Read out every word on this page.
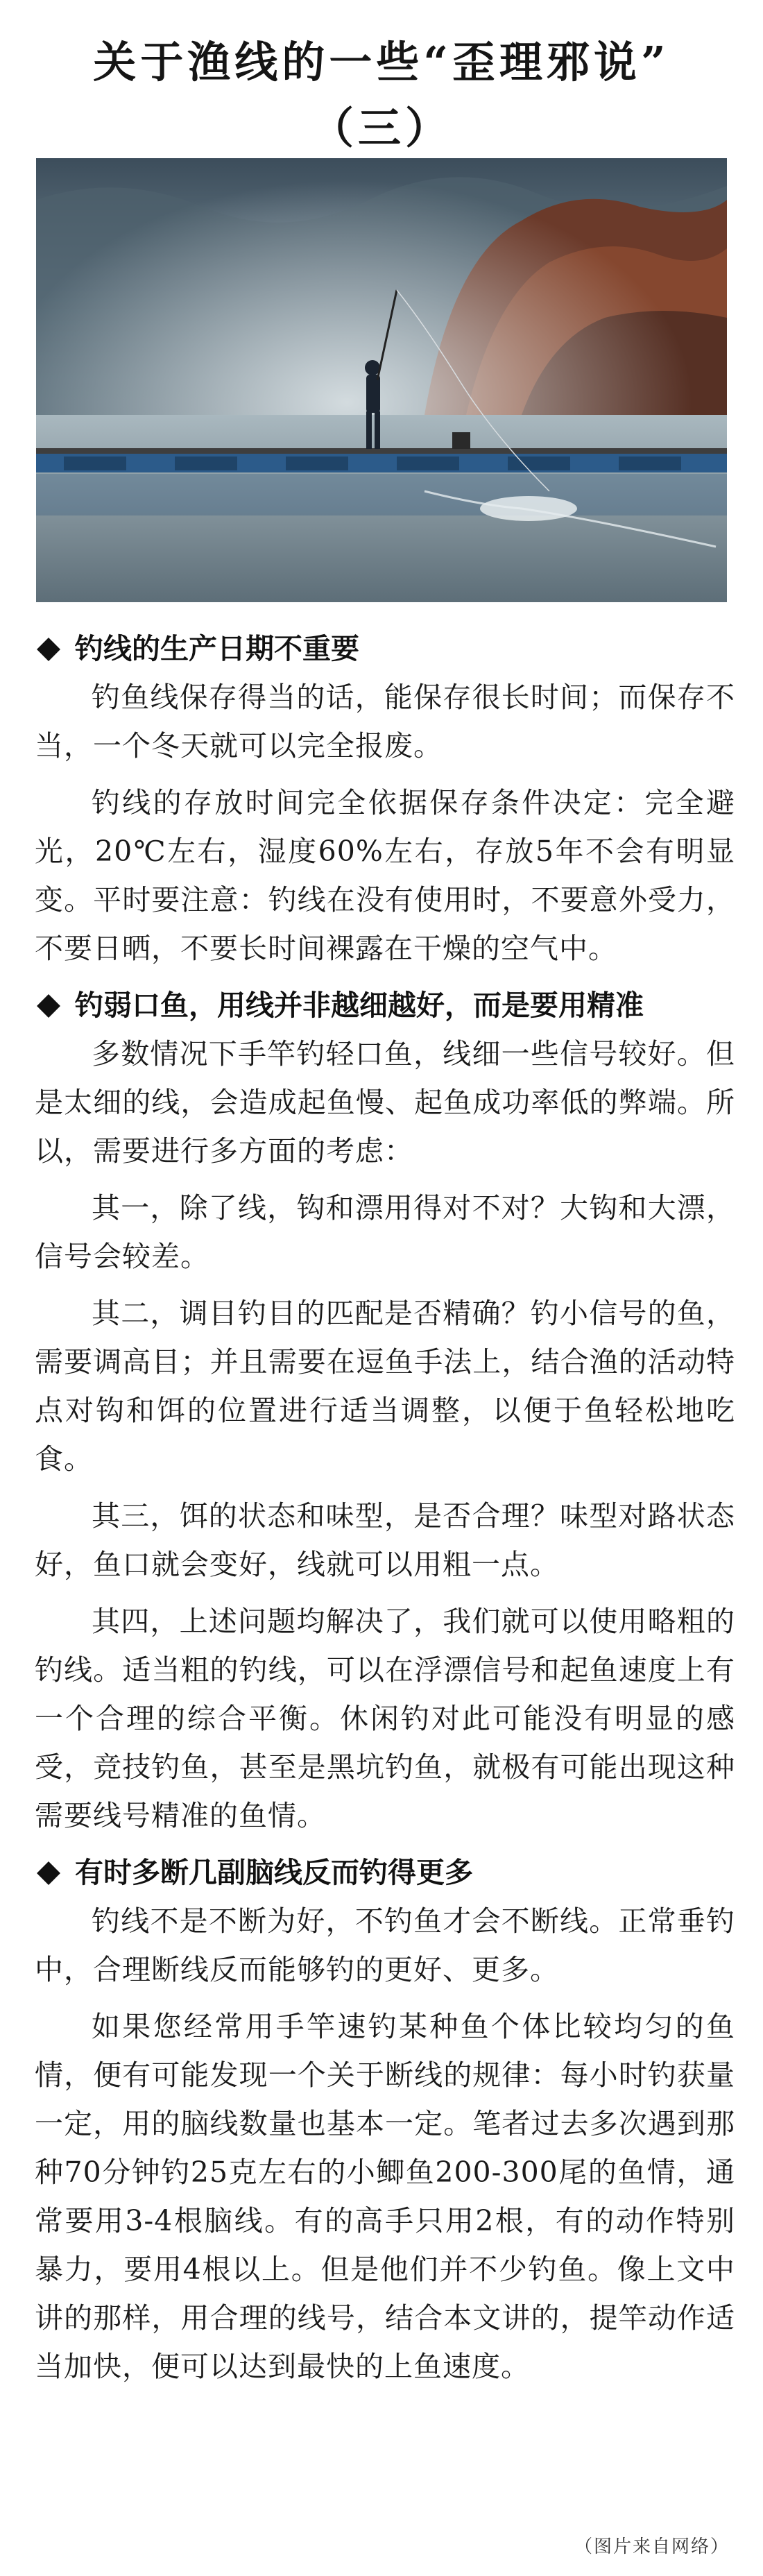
关于渔线的一些“歪理邪说”
（三）
钓线的生产日期不重要

钓鱼线保存得当的话，能保存很长时间；而保存不当，一个冬天就可以完全报废。

钓线的存放时间完全依据保存条件决定：完全避光，20℃左右，湿度60%左右，存放5年不会有明显变。平时要注意：钓线在没有使用时，不要意外受力，不要日晒，不要长时间裸露在干燥的空气中。

钓弱口鱼，用线并非越细越好，而是要用精准

多数情况下手竿钓轻口鱼，线细一些信号较好。但是太细的线，会造成起鱼慢、起鱼成功率低的弊端。所以，需要进行多方面的考虑：

其一，除了线，钩和漂用得对不对？大钩和大漂，信号会较差。

其二，调目钓目的匹配是否精确？钓小信号的鱼，需要调高目；并且需要在逗鱼手法上，结合渔的活动特点对钩和饵的位置进行适当调整，以便于鱼轻松地吃食。

其三，饵的状态和味型，是否合理？味型对路状态好，鱼口就会变好，线就可以用粗一点。

其四，上述问题均解决了，我们就可以使用略粗的钓线。适当粗的钓线，可以在浮漂信号和起鱼速度上有一个合理的综合平衡。休闲钓对此可能没有明显的感受，竞技钓鱼，甚至是黑坑钓鱼，就极有可能出现这种需要线号精准的鱼情。

有时多断几副脑线反而钓得更多

钓线不是不断为好，不钓鱼才会不断线。正常垂钓中，合理断线反而能够钓的更好、更多。

如果您经常用手竿速钓某种鱼个体比较均匀的鱼情，便有可能发现一个关于断线的规律：每小时钓获量一定，用的脑线数量也基本一定。笔者过去多次遇到那种70分钟钓25克左右的小鲫鱼200-300尾的鱼情，通常要用3-4根脑线。有的高手只用2根，有的动作特别暴力，要用4根以上。但是他们并不少钓鱼。像上文中讲的那样，用合理的线号，结合本文讲的，提竿动作适当加快，便可以达到最快的上鱼速度。

（图片来自网络）
